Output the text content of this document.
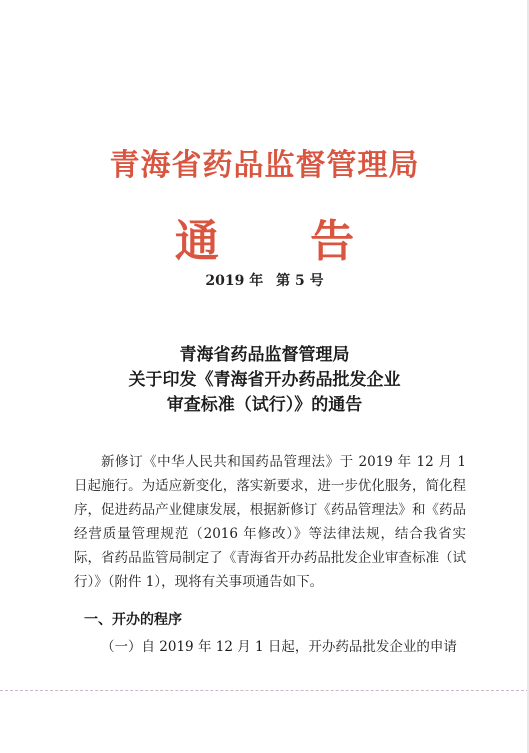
青海省药品监督管理局
通 告
2019 年 第 5 号
青海省药品监督管理局
关于印发《青海省开办药品批发企业
审查标准（试行）》的通告

新修订《中华人民共和国药品管理法》于 2019 年 12 月 1 日起施行。为适应新变化，落实新要求，进一步优化服务，简化程序，促进药品产业健康发展，根据新修订《药品管理法》和《药品经营质量管理规范（2016 年修改）》等法律法规，结合我省实际，省药品监管局制定了《青海省开办药品批发企业审查标准（试行）》（附件 1），现将有关事项通告如下。

一、开办的程序
（一）自 2019 年 12 月 1 日起，开办药品批发企业的申请
